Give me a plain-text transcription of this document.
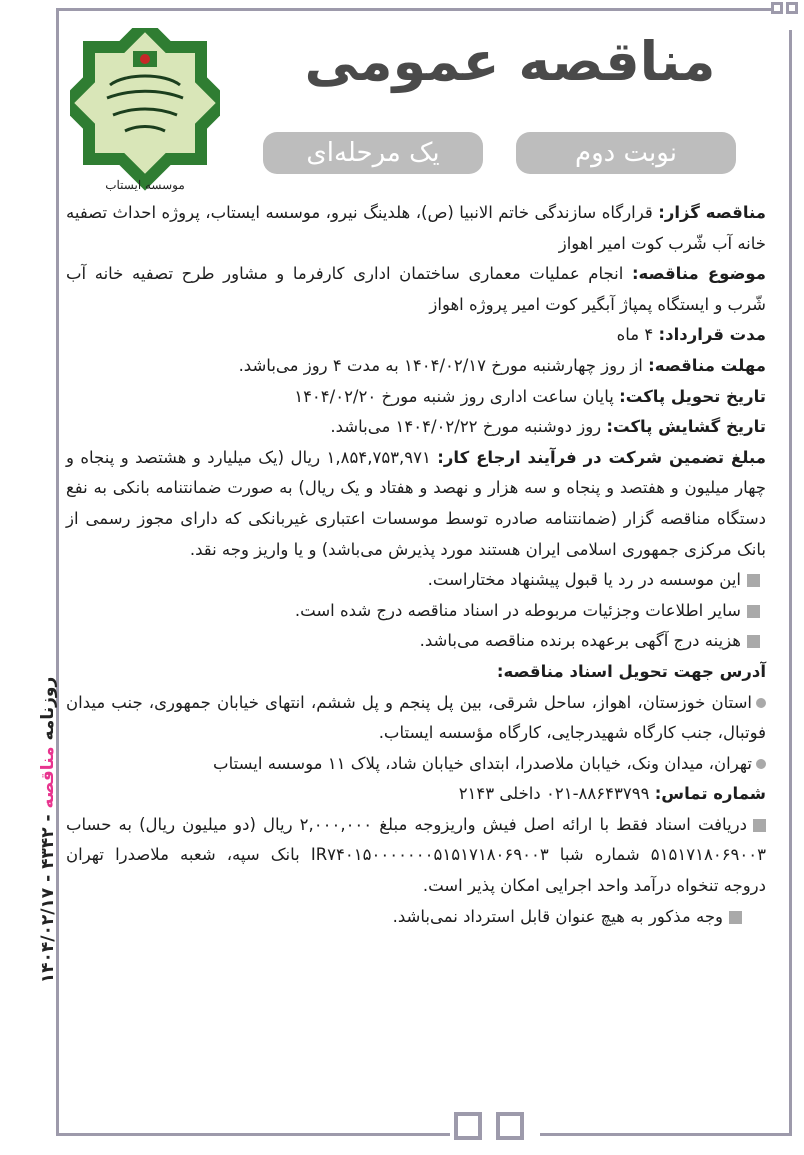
موسسه ایستاب
مناقصه عمومی
نوبت دوم
یک مرحله‌ای
روزنامه مناقصه - ۴۳۴۲ - ۱۴۰۴/۰۲/۱۷

مناقصه گزار: قرارگاه سازندگی خاتم الانبیا (ص)، هلدینگ نیرو، موسسه ایستاب، پروژه احداث تصفیه خانه آب شّرب کوت امیر اهواز

موضوع مناقصه: انجام عملیات معماری ساختمان اداری کارفرما و مشاور طرح تصفیه خانه آب شّرب و ایستگاه پمپاژ آبگیر کوت امیر پروژه اهواز

مدت قرارداد: ۴ ماه

مهلت مناقصه: از روز چهارشنبه مورخ ۱۴۰۴/۰۲/۱۷ به مدت ۴ روز می‌باشد.

تاریخ تحویل پاکت: پایان ساعت اداری روز شنبه مورخ ۱۴۰۴/۰۲/۲۰

تاریخ گشایش پاکت: روز دوشنبه مورخ ۱۴۰۴/۰۲/۲۲ می‌باشد.

مبلغ تضمین شرکت در فرآیند ارجاع کار: ۱,۸۵۴,۷۵۳,۹۷۱ ریال (یک میلیارد و هشتصد و پنجاه و چهار میلیون و هفتصد و پنجاه و سه هزار و نهصد و هفتاد و یک ریال) به صورت ضمانتنامه بانکی به نفع دستگاه مناقصه گزار (ضمانتنامه صادره توسط موسسات اعتباری غیربانکی که دارای مجوز رسمی از بانک مرکزی جمهوری اسلامی ایران هستند مورد پذیرش می‌باشد) و یا واریز وجه نقد.

این موسسه در رد یا قبول پیشنهاد مختاراست.

سایر اطلاعات وجزئیات مربوطه در اسناد مناقصه درج شده است.

هزینه درج آگهی برعهده برنده مناقصه می‌باشد.

آدرس جهت تحویل اسناد مناقصه:

استان خوزستان، اهواز، ساحل شرقی، بین پل پنجم و پل ششم، انتهای خیابان جمهوری، جنب میدان فوتبال، جنب کارگاه شهیدرجایی، کارگاه مؤسسه ایستاب.

تهران، میدان ونک، خیابان ملاصدرا، ابتدای خیابان شاد، پلاک ۱۱ موسسه ایستاب

شماره تماس: ۸۸۶۴۳۷۹۹-۰۲۱ داخلی ۲۱۴۳

دریافت اسناد فقط با ارائه اصل فیش واریزوجه مبلغ ۲,۰۰۰,۰۰۰ ریال (دو میلیون ریال) به حساب ۵۱۵۱۷۱۸۰۶۹۰۰۳ شماره شبا IR۷۴۰۱۵۰۰۰۰۰۰۰۵۱۵۱۷۱۸۰۶۹۰۰۳ بانک سپه، شعبه ملاصدرا تهران دروجه تنخواه درآمد واحد اجرایی امکان پذیر است.

وجه مذکور به هیچ عنوان قابل استرداد نمی‌باشد.
